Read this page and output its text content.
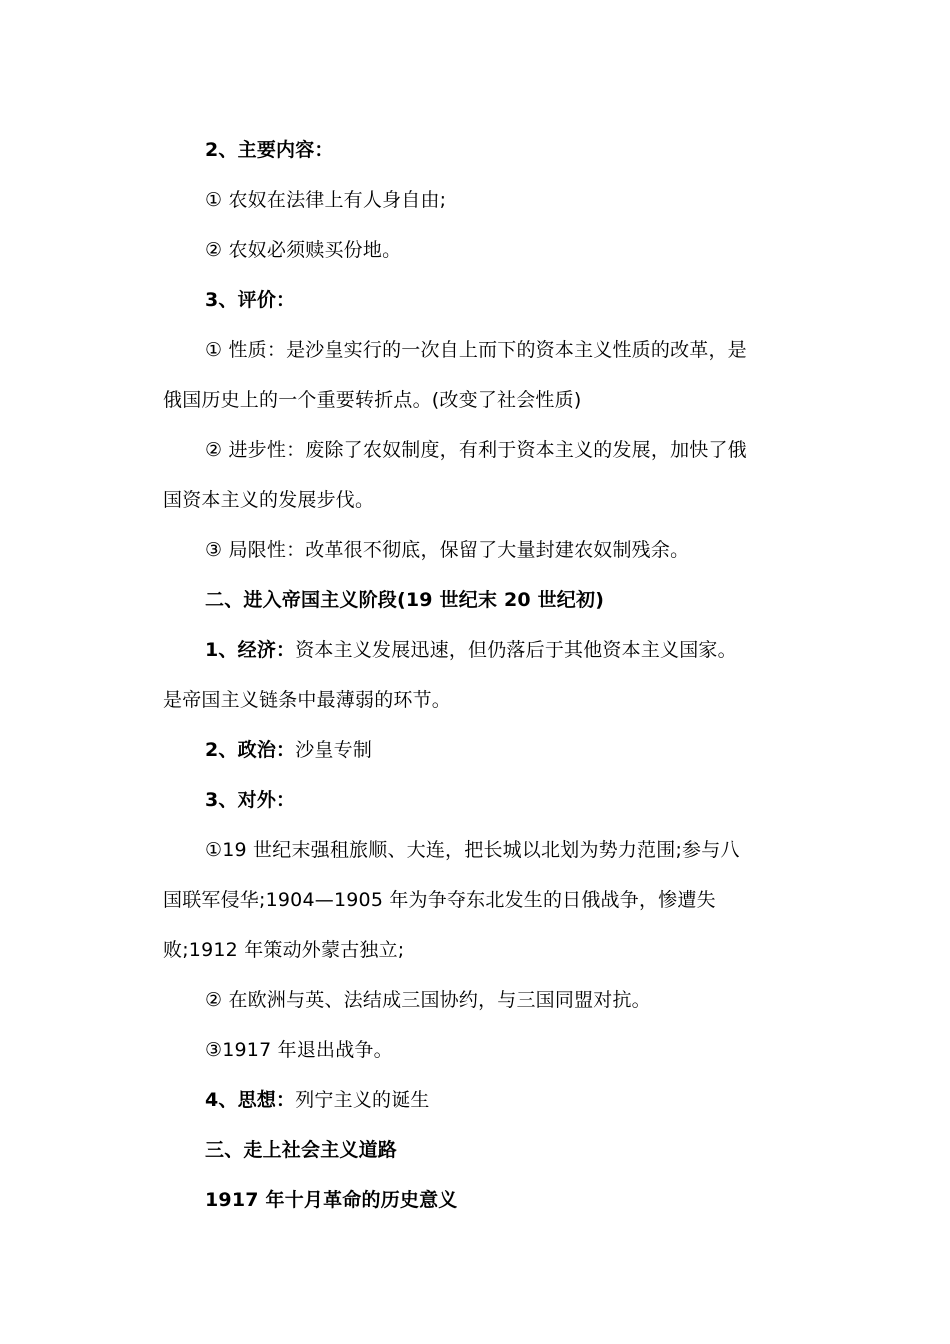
2、主要内容：
① 农奴在法律上有人身自由;
② 农奴必须赎买份地。
3、评价：
① 性质：是沙皇实行的一次自上而下的资本主义性质的改革，是
俄国历史上的一个重要转折点。(改变了社会性质)
② 进步性：废除了农奴制度，有利于资本主义的发展，加快了俄
国资本主义的发展步伐。
③ 局限性：改革很不彻底，保留了大量封建农奴制残余。
二、进入帝国主义阶段(19 世纪末 20 世纪初)
1、经济：资本主义发展迅速，但仍落后于其他资本主义国家。
是帝国主义链条中最薄弱的环节。
2、政治：沙皇专制
3、对外：
①19 世纪末强租旅顺、大连，把长城以北划为势力范围;参与八
国联军侵华;1904—1905 年为争夺东北发生的日俄战争，惨遭失
败;1912 年策动外蒙古独立;
② 在欧洲与英、法结成三国协约，与三国同盟对抗。
③1917 年退出战争。
4、思想：列宁主义的诞生
三、走上社会主义道路
1917 年十月革命的历史意义
